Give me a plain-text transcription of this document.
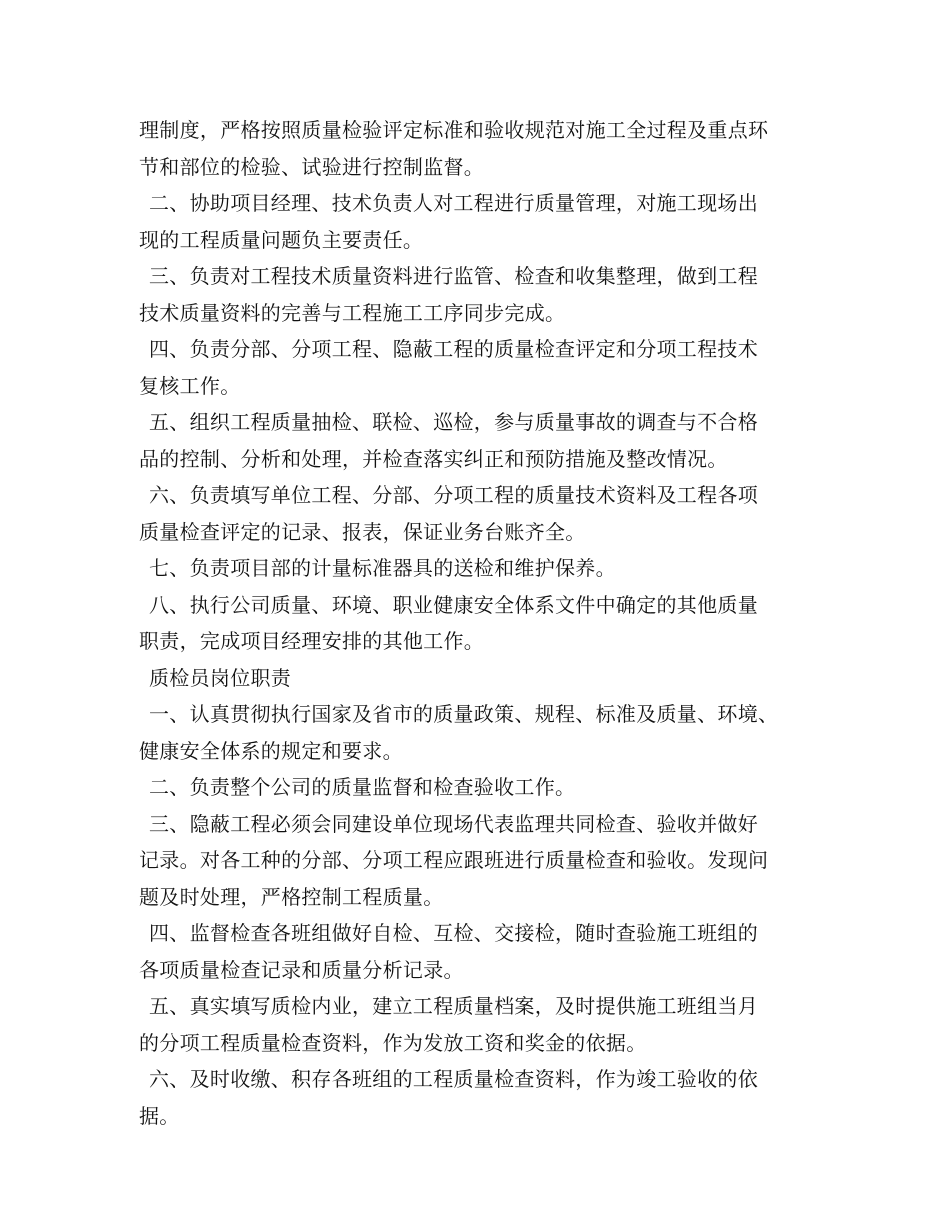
理制度，严格按照质量检验评定标准和验收规范对施工全过程及重点环
节和部位的检验、试验进行控制监督。
二、协助项目经理、技术负责人对工程进行质量管理，对施工现场出
现的工程质量问题负主要责任。
三、负责对工程技术质量资料进行监管、检查和收集整理，做到工程
技术质量资料的完善与工程施工工序同步完成。
四、负责分部、分项工程、隐蔽工程的质量检查评定和分项工程技术
复核工作。
五、组织工程质量抽检、联检、巡检，参与质量事故的调查与不合格
品的控制、分析和处理，并检查落实纠正和预防措施及整改情况。
六、负责填写单位工程、分部、分项工程的质量技术资料及工程各项
质量检查评定的记录、报表，保证业务台账齐全。
七、负责项目部的计量标准器具的送检和维护保养。
八、执行公司质量、环境、职业健康安全体系文件中确定的其他质量
职责，完成项目经理安排的其他工作。
质检员岗位职责
一、认真贯彻执行国家及省市的质量政策、规程、标准及质量、环境、
健康安全体系的规定和要求。
二、负责整个公司的质量监督和检查验收工作。
三、隐蔽工程必须会同建设单位现场代表监理共同检查、验收并做好
记录。对各工种的分部、分项工程应跟班进行质量检查和验收。发现问
题及时处理，严格控制工程质量。
四、监督检查各班组做好自检、互检、交接检，随时查验施工班组的
各项质量检查记录和质量分析记录。
五、真实填写质检内业，建立工程质量档案，及时提供施工班组当月
的分项工程质量检查资料，作为发放工资和奖金的依据。
六、及时收缴、积存各班组的工程质量检查资料，作为竣工验收的依
据。
